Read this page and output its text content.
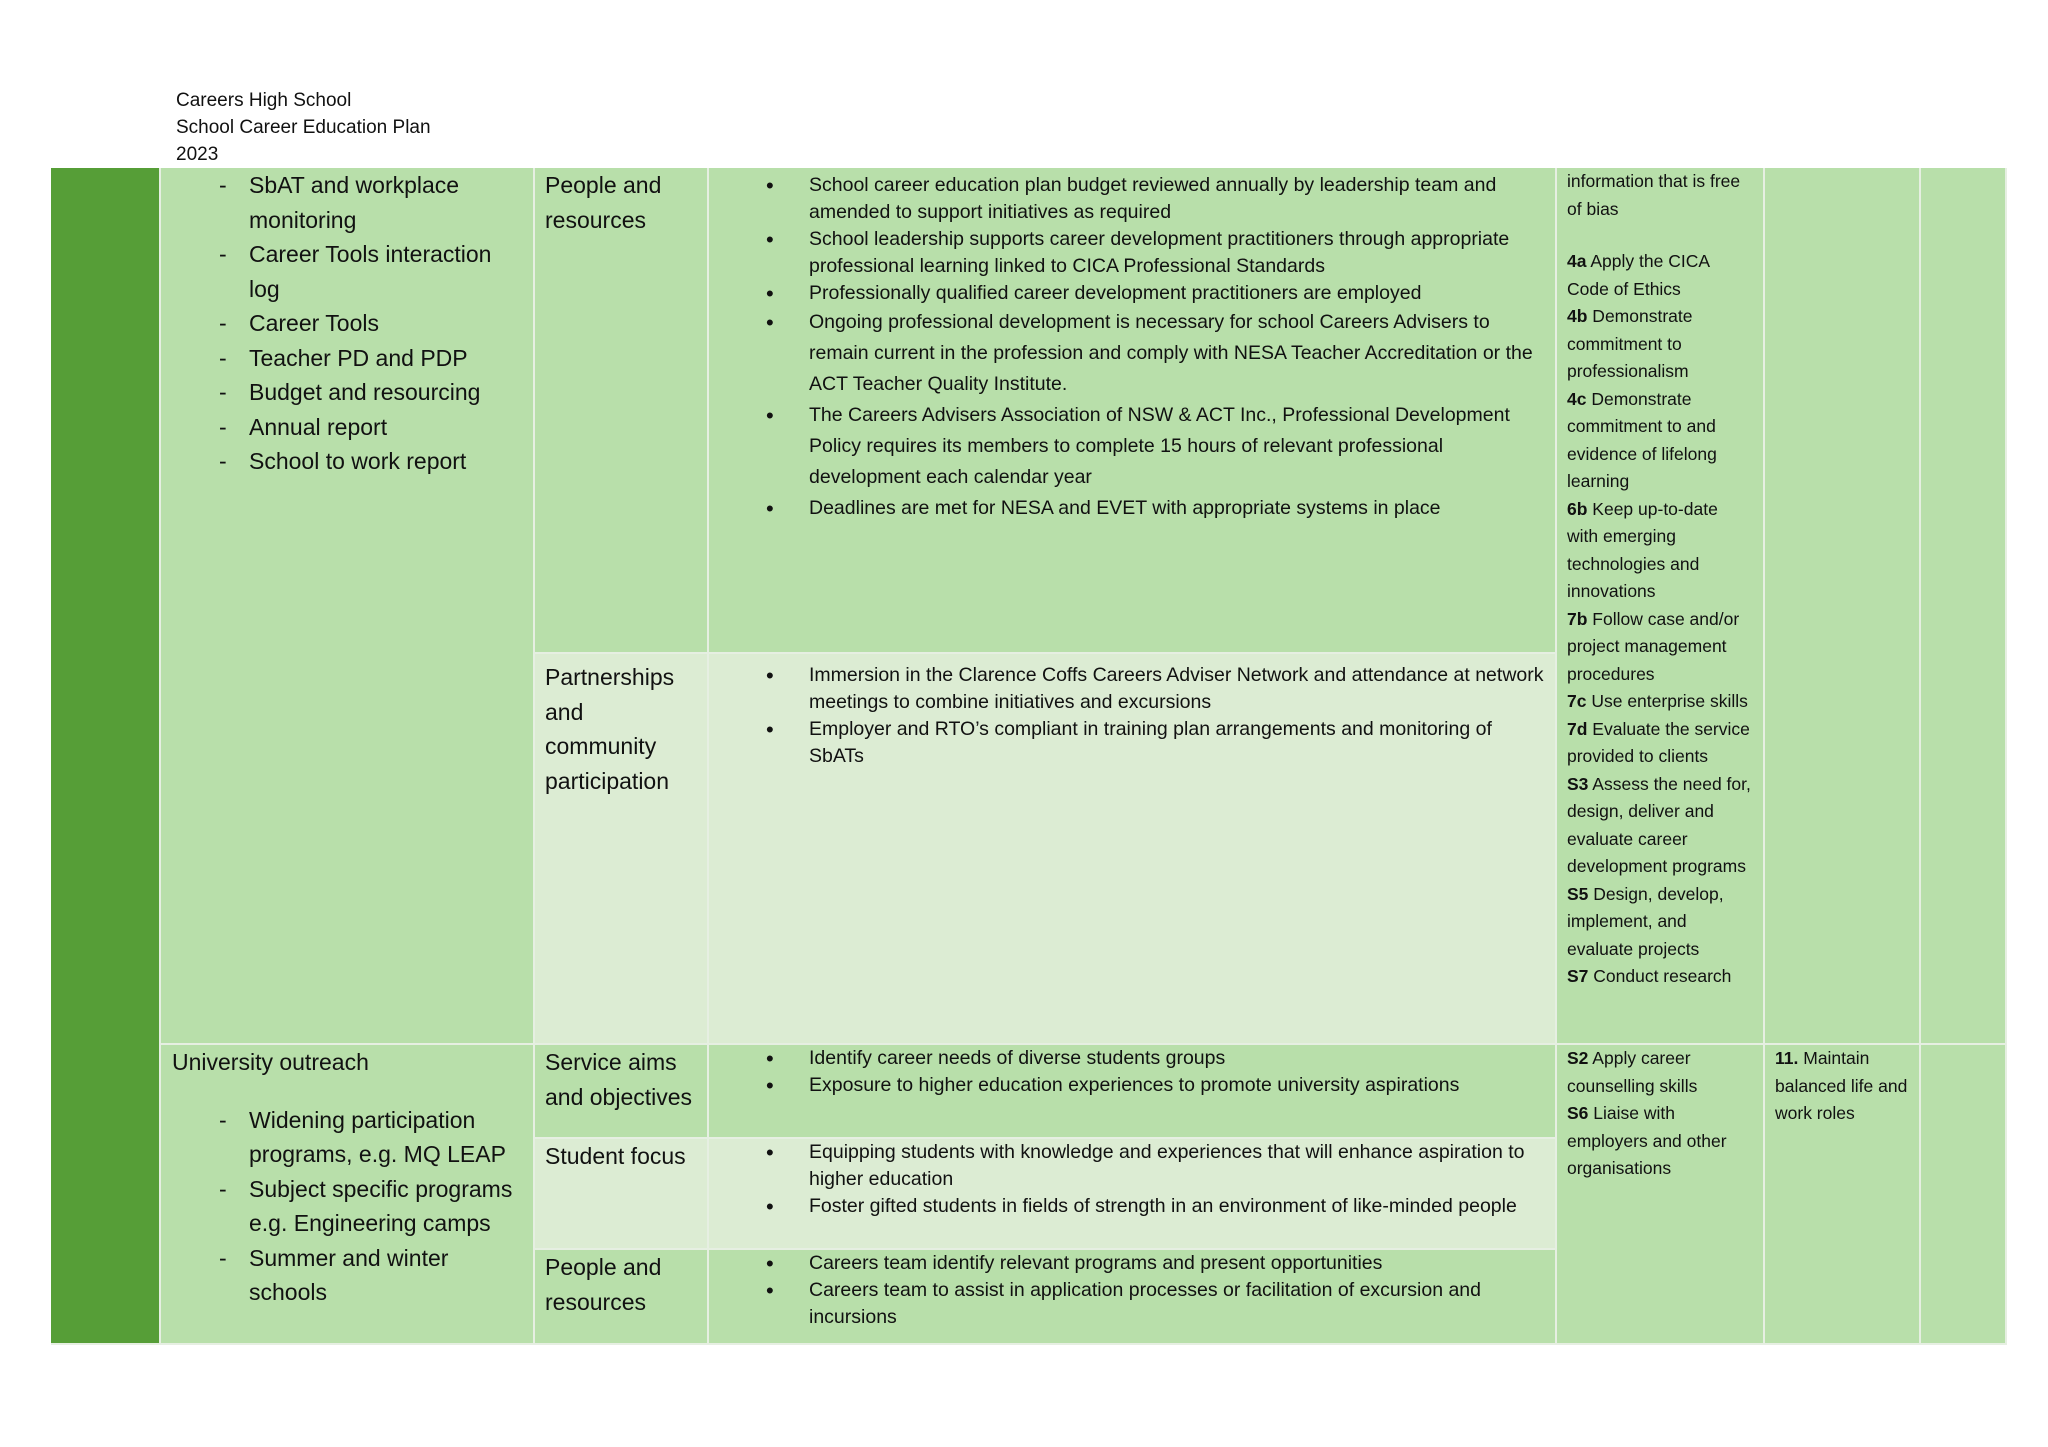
Careers High School
School Career Education Plan
2023
- SbAT and workplace monitoring
- Career Tools interaction log
- Career Tools
- Teacher PD and PDP
- Budget and resourcing
- Annual report
- School to work report
People and resources
• School career education plan budget reviewed annually by leadership team and amended to support initiatives as required
• School leadership supports career development practitioners through appropriate professional learning linked to CICA Professional Standards
• Professionally qualified career development practitioners are employed
• Ongoing professional development is necessary for school Careers Advisers to remain current in the profession and comply with NESA Teacher Accreditation or the ACT Teacher Quality Institute.
• The Careers Advisers Association of NSW & ACT Inc., Professional Development Policy requires its members to complete 15 hours of relevant professional development each calendar year
• Deadlines are met for NESA and EVET with appropriate systems in place
Partnerships and community participation
• Immersion in the Clarence Coffs Careers Adviser Network and attendance at network meetings to combine initiatives and excursions
• Employer and RTO’s compliant in training plan arrangements and monitoring of SbATs
information that is free of bias
4a Apply the CICA Code of Ethics
4b Demonstrate commitment to professionalism
4c Demonstrate commitment to and evidence of lifelong learning
6b Keep up-to-date with emerging technologies and innovations
7b Follow case and/or project management procedures
7c Use enterprise skills
7d Evaluate the service provided to clients
S3 Assess the need for, design, deliver and evaluate career development programs
S5 Design, develop, implement, and evaluate projects
S7 Conduct research
University outreach
- Widening participation programs, e.g. MQ LEAP
- Subject specific programs e.g. Engineering camps
- Summer and winter schools
Service aims and objectives
• Identify career needs of diverse students groups
• Exposure to higher education experiences to promote university aspirations
Student focus
•	Equipping students with knowledge and experiences that will enhance aspiration to higher education
• Foster gifted students in fields of strength in an environment of like-minded people
People and resources
• Careers team identify relevant programs and present opportunities
• Careers team to assist in application processes or facilitation of excursion and incursions
S2 Apply career counselling skills
S6 Liaise with employers and other organisations
11. Maintain balanced life and work roles
